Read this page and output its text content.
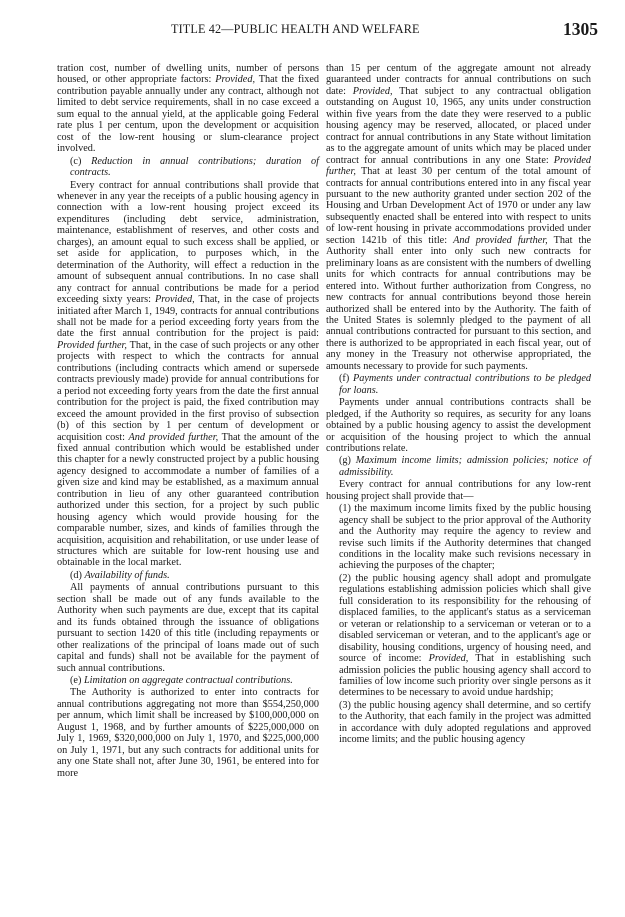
TITLE 42—PUBLIC HEALTH AND WELFARE	1305

tration cost, number of dwelling units, number of persons housed, or other appropriate factors: Provided, That the fixed contribution payable annually under any contract, although not limited to debt service requirements, shall in no case exceed a sum equal to the annual yield, at the applicable going Federal rate plus 1 per centum, upon the development or acquisition cost of the low-rent housing or slum-clearance project involved.

(c) Reduction in annual contributions; duration of contracts.

Every contract for annual contributions shall provide that whenever in any year the receipts of a public housing agency in connection with a low-rent housing project exceed its expenditures (including debt service, administration, maintenance, establishment of reserves, and other costs and charges), an amount equal to such excess shall be applied, or set aside for application, to purposes which, in the determination of the Authority, will effect a reduction in the amount of subsequent annual contributions. In no case shall any contract for annual contributions be made for a period exceeding sixty years: Provided, That, in the case of projects initiated after March 1, 1949, contracts for annual contributions shall not be made for a period exceeding forty years from the date the first annual contribution for the project is paid: Provided further, That, in the case of such projects or any other projects with respect to which the contracts for annual contributions (including contracts which amend or supersede contracts previously made) provide for annual contributions for a period not exceeding forty years from the date the first annual contribution for the project is paid, the fixed contribution may exceed the amount provided in the first proviso of subsection (b) of this section by 1 per centum of development or acquisition cost: And provided further, That the amount of the fixed annual contribution which would be established under this chapter for a newly constructed project by a public housing agency designed to accommodate a number of families of a given size and kind may be established, as a maximum annual contribution in lieu of any other guaranteed contribution authorized under this section, for a project by such public housing agency which would provide housing for the comparable number, sizes, and kinds of families through the acquisition, acquisition and rehabilitation, or use under lease of structures which are suitable for low-rent housing use and obtainable in the local market.

(d) Availability of funds.

All payments of annual contributions pursuant to this section shall be made out of any funds available to the Authority when such payments are due, except that its capital and its funds obtained through the issuance of obligations pursuant to section 1420 of this title (including repayments or other realizations of the principal of loans made out of such capital and funds) shall not be available for the payment of such annual contributions.

(e) Limitation on aggregate contractual contributions.

The Authority is authorized to enter into contracts for annual contributions aggregating not more than $554,250,000 per annum, which limit shall be increased by $100,000,000 on August 1, 1968, and by further amounts of $225,000,000 on July 1, 1969, $320,000,000 on July 1, 1970, and $225,000,000 on July 1, 1971, but any such contracts for additional units for any one State shall not, after June 30, 1961, be entered into for more

than 15 per centum of the aggregate amount not already guaranteed under contracts for annual contributions on such date: Provided, That subject to any contractual obligation outstanding on August 10, 1965, any units under construction within five years from the date they were reserved to a public housing agency may be reserved, allocated, or placed under contract for annual contributions in any State without limitation as to the aggregate amount of units which may be placed under contract for annual contributions in any one State: Provided further, That at least 30 per centum of the total amount of contracts for annual contributions entered into in any fiscal year pursuant to the new authority granted under section 202 of the Housing and Urban Development Act of 1970 or under any law subsequently enacted shall be entered into with respect to units of low-rent housing in private accommodations provided under section 1421b of this title: And provided further, That the Authority shall enter into only such new contracts for preliminary loans as are consistent with the numbers of dwelling units for which contracts for annual contributions may be entered into. Without further authorization from Congress, no new contracts for annual contributions beyond those herein authorized shall be entered into by the Authority. The faith of the United States is solemnly pledged to the payment of all annual contributions contracted for pursuant to this section, and there is authorized to be appropriated in each fiscal year, out of any money in the Treasury not otherwise appropriated, the amounts necessary to provide for such payments.

(f) Payments under contractual contributions to be pledged for loans.

Payments under annual contributions contracts shall be pledged, if the Authority so requires, as security for any loans obtained by a public housing agency to assist the development or acquisition of the housing project to which the annual contributions relate.

(g) Maximum income limits; admission policies; notice of admissibility.

Every contract for annual contributions for any low-rent housing project shall provide that—

(1) the maximum income limits fixed by the public housing agency shall be subject to the prior approval of the Authority and the Authority may require the agency to review and revise such limits if the Authority determines that changed conditions in the locality make such revisions necessary in achieving the purposes of the chapter;

(2) the public housing agency shall adopt and promulgate regulations establishing admission policies which shall give full consideration to its responsibility for the rehousing of displaced families, to the applicant's status as a serviceman or veteran or relationship to a serviceman or veteran or to a disabled serviceman or veteran, and to the applicant's age or disability, housing conditions, urgency of housing need, and source of income: Provided, That in establishing such admission policies the public housing agency shall accord to families of low income such priority over single persons as it determines to be necessary to avoid undue hardship;

(3) the public housing agency shall determine, and so certify to the Authority, that each family in the project was admitted in accordance with duly adopted regulations and approved income limits; and the public housing agency
